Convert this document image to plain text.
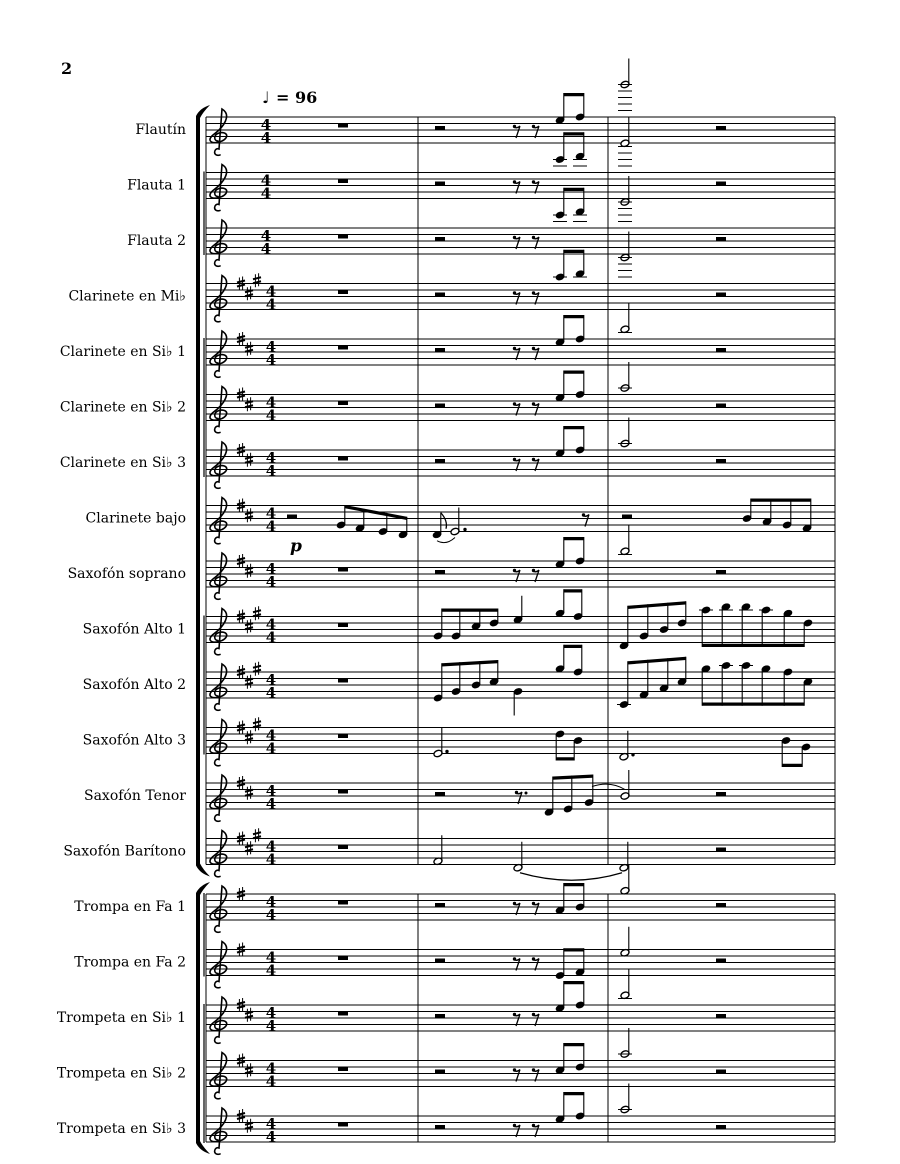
2
♩ = 96
Flautín	4
4
Flauta 1	4
4
Flauta 2	4
4
Clarinete en Mi♭	4
4
Clarinete en Si♭ 1	4
4
Clarinete en Si♭ 2	4
4
Clarinete en Si♭ 3	4
4
Clarinete bajo	4
4
Saxofón soprano	4
4
Saxofón Alto 1	4
4
Saxofón Alto 2	4
4
Saxofón Alto 3	4
4
Saxofón Tenor	4
4
Saxofón Barítono	4
4
Trompa en Fa 1	4
4
Trompa en Fa 2	4
4
Trompeta en Si♭ 1	4
4
Trompeta en Si♭ 2	4
4
Trompeta en Si♭ 3	4
4
p
